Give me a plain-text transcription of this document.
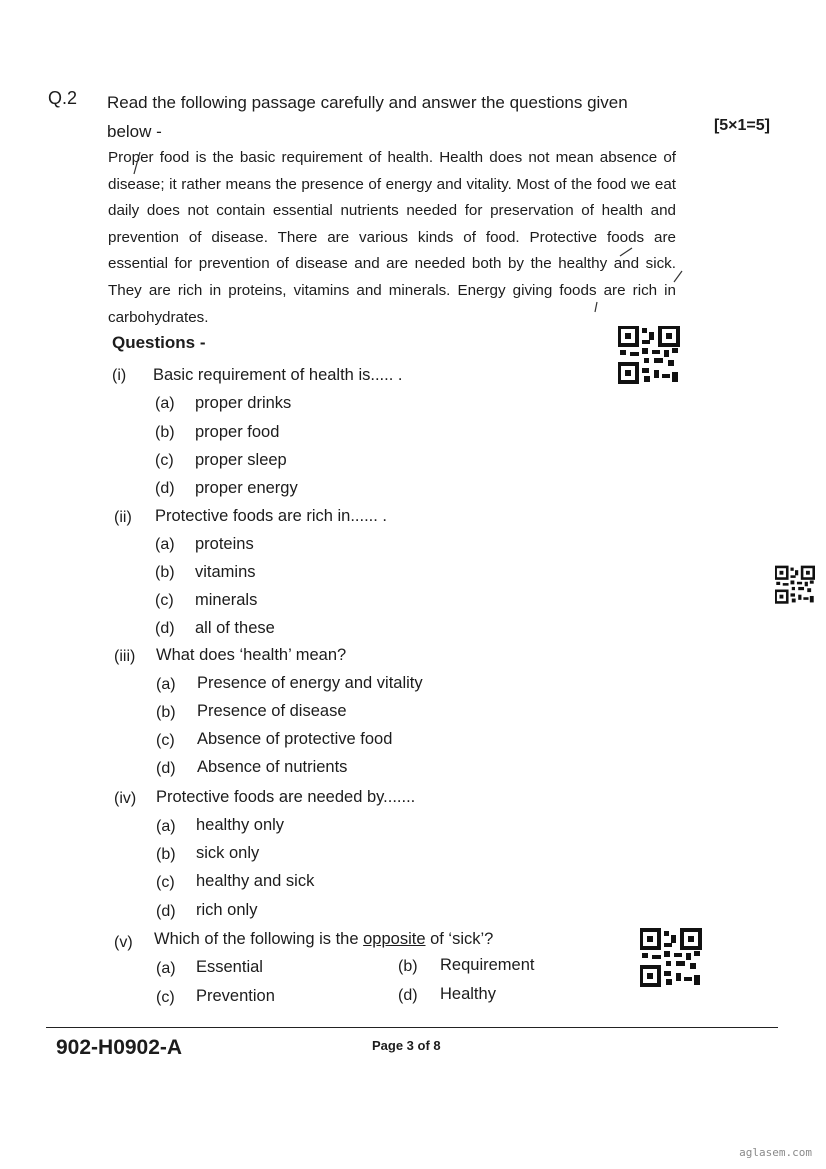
Q.2 Read the following passage carefully and answer the questions given
below -	[5×1=5]

Proper food is the basic requirement of health. Health does not mean absence of disease; it rather means the presence of energy and vitality. Most of the food we eat daily does not contain essential nutrients needed for preservation of health and prevention of disease. There are various kinds of food. Protective foods are essential for prevention of disease and are needed both by the healthy and sick. They are rich in proteins, vitamins and minerals. Energy giving foods are rich in carbohydrates.

Questions -
(i) Basic requirement of health is..... .
(a) proper drinks
(b) proper food
(c) proper sleep
(d) proper energy
(ii) Protective foods are rich in...... .
(a) proteins
(b) vitamins
(c) minerals
(d) all of these
(iii) What does ‘health’ mean?
(a) Presence of energy and vitality
(b) Presence of disease
(c) Absence of protective food
(d) Absence of nutrients
(iv) Protective foods are needed by.......
(a) healthy only
(b) sick only
(c) healthy and sick
(d) rich only
(v) Which of the following is the opposite of ‘sick’?
(a) Essential	(b) Requirement
(c) Prevention	(d) Healthy
902-H0902-A	Page 3 of 8
aglasem.com
